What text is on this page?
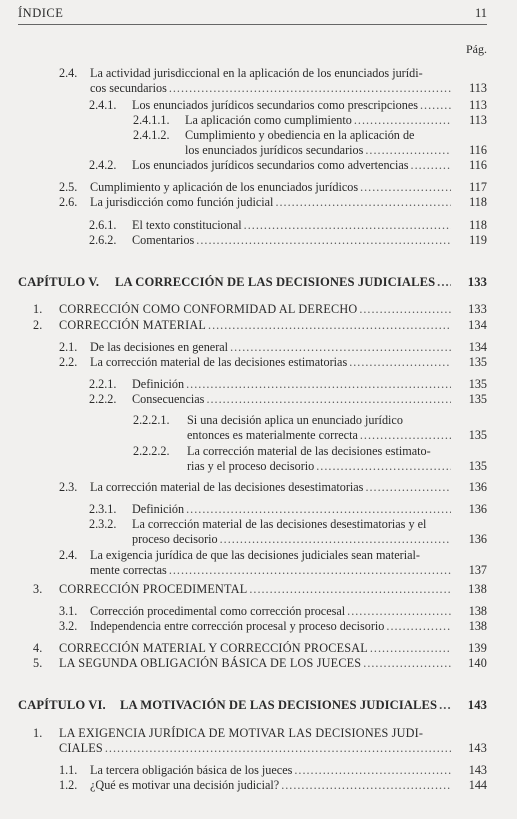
ÍNDICE	11
Pág.
2.4. La actividad jurisdiccional en la aplicación de los enunciados jurídi-
cos secundarios .....	113
2.4.1. Los enunciados jurídicos secundarios como prescripciones .....	113
2.4.1.1. La aplicación como cumplimiento .....	113
2.4.1.2. Cumplimiento y obediencia en la aplicación de
los enunciados jurídicos secundarios .....	116
2.4.2. Los enunciados jurídicos secundarios como advertencias .....	116
2.5. Cumplimiento y aplicación de los enunciados jurídicos .....	117
2.6. La jurisdicción como función judicial .....	118
2.6.1. El texto constitucional .....	118
2.6.2. Comentarios .....	119
CAPÍTULO V. LA CORRECCIÓN DE LAS DECISIONES JUDICIALES .....	133
1. CORRECCIÓN COMO CONFORMIDAD AL DERECHO .....	133
2. CORRECCIÓN MATERIAL .....	134
2.1. De las decisiones en general .....	134
2.2. La corrección material de las decisiones estimatorias .....	135
2.2.1. Definición .....	135
2.2.2. Consecuencias .....	135
2.2.2.1. Si una decisión aplica un enunciado jurídico
entonces es materialmente correcta .....	135
2.2.2.2. La corrección material de las decisiones estimato-
rias y el proceso decisorio .....	135
2.3. La corrección material de las decisiones desestimatorias .....	136
2.3.1. Definición .....	136
2.3.2. La corrección material de las decisiones desestimatorias y el
proceso decisorio .....	136
2.4. La exigencia jurídica de que las decisiones judiciales sean material-
mente correctas .....	137
3. CORRECCIÓN PROCEDIMENTAL .....	138
3.1. Corrección procedimental como corrección procesal .....	138
3.2. Independencia entre corrección procesal y proceso decisorio .....	138
4. CORRECCIÓN MATERIAL Y CORRECCIÓN PROCESAL .....	139
5. LA SEGUNDA OBLIGACIÓN BÁSICA DE LOS JUECES .....	140
CAPÍTULO VI. LA MOTIVACIÓN DE LAS DECISIONES JUDICIALES .....	143
1. LA EXIGENCIA JURÍDICA DE MOTIVAR LAS DECISIONES JUDI-
CIALES .....	143
1.1. La tercera obligación básica de los jueces .....	143
1.2. ¿Qué es motivar una decisión judicial? .....	144
